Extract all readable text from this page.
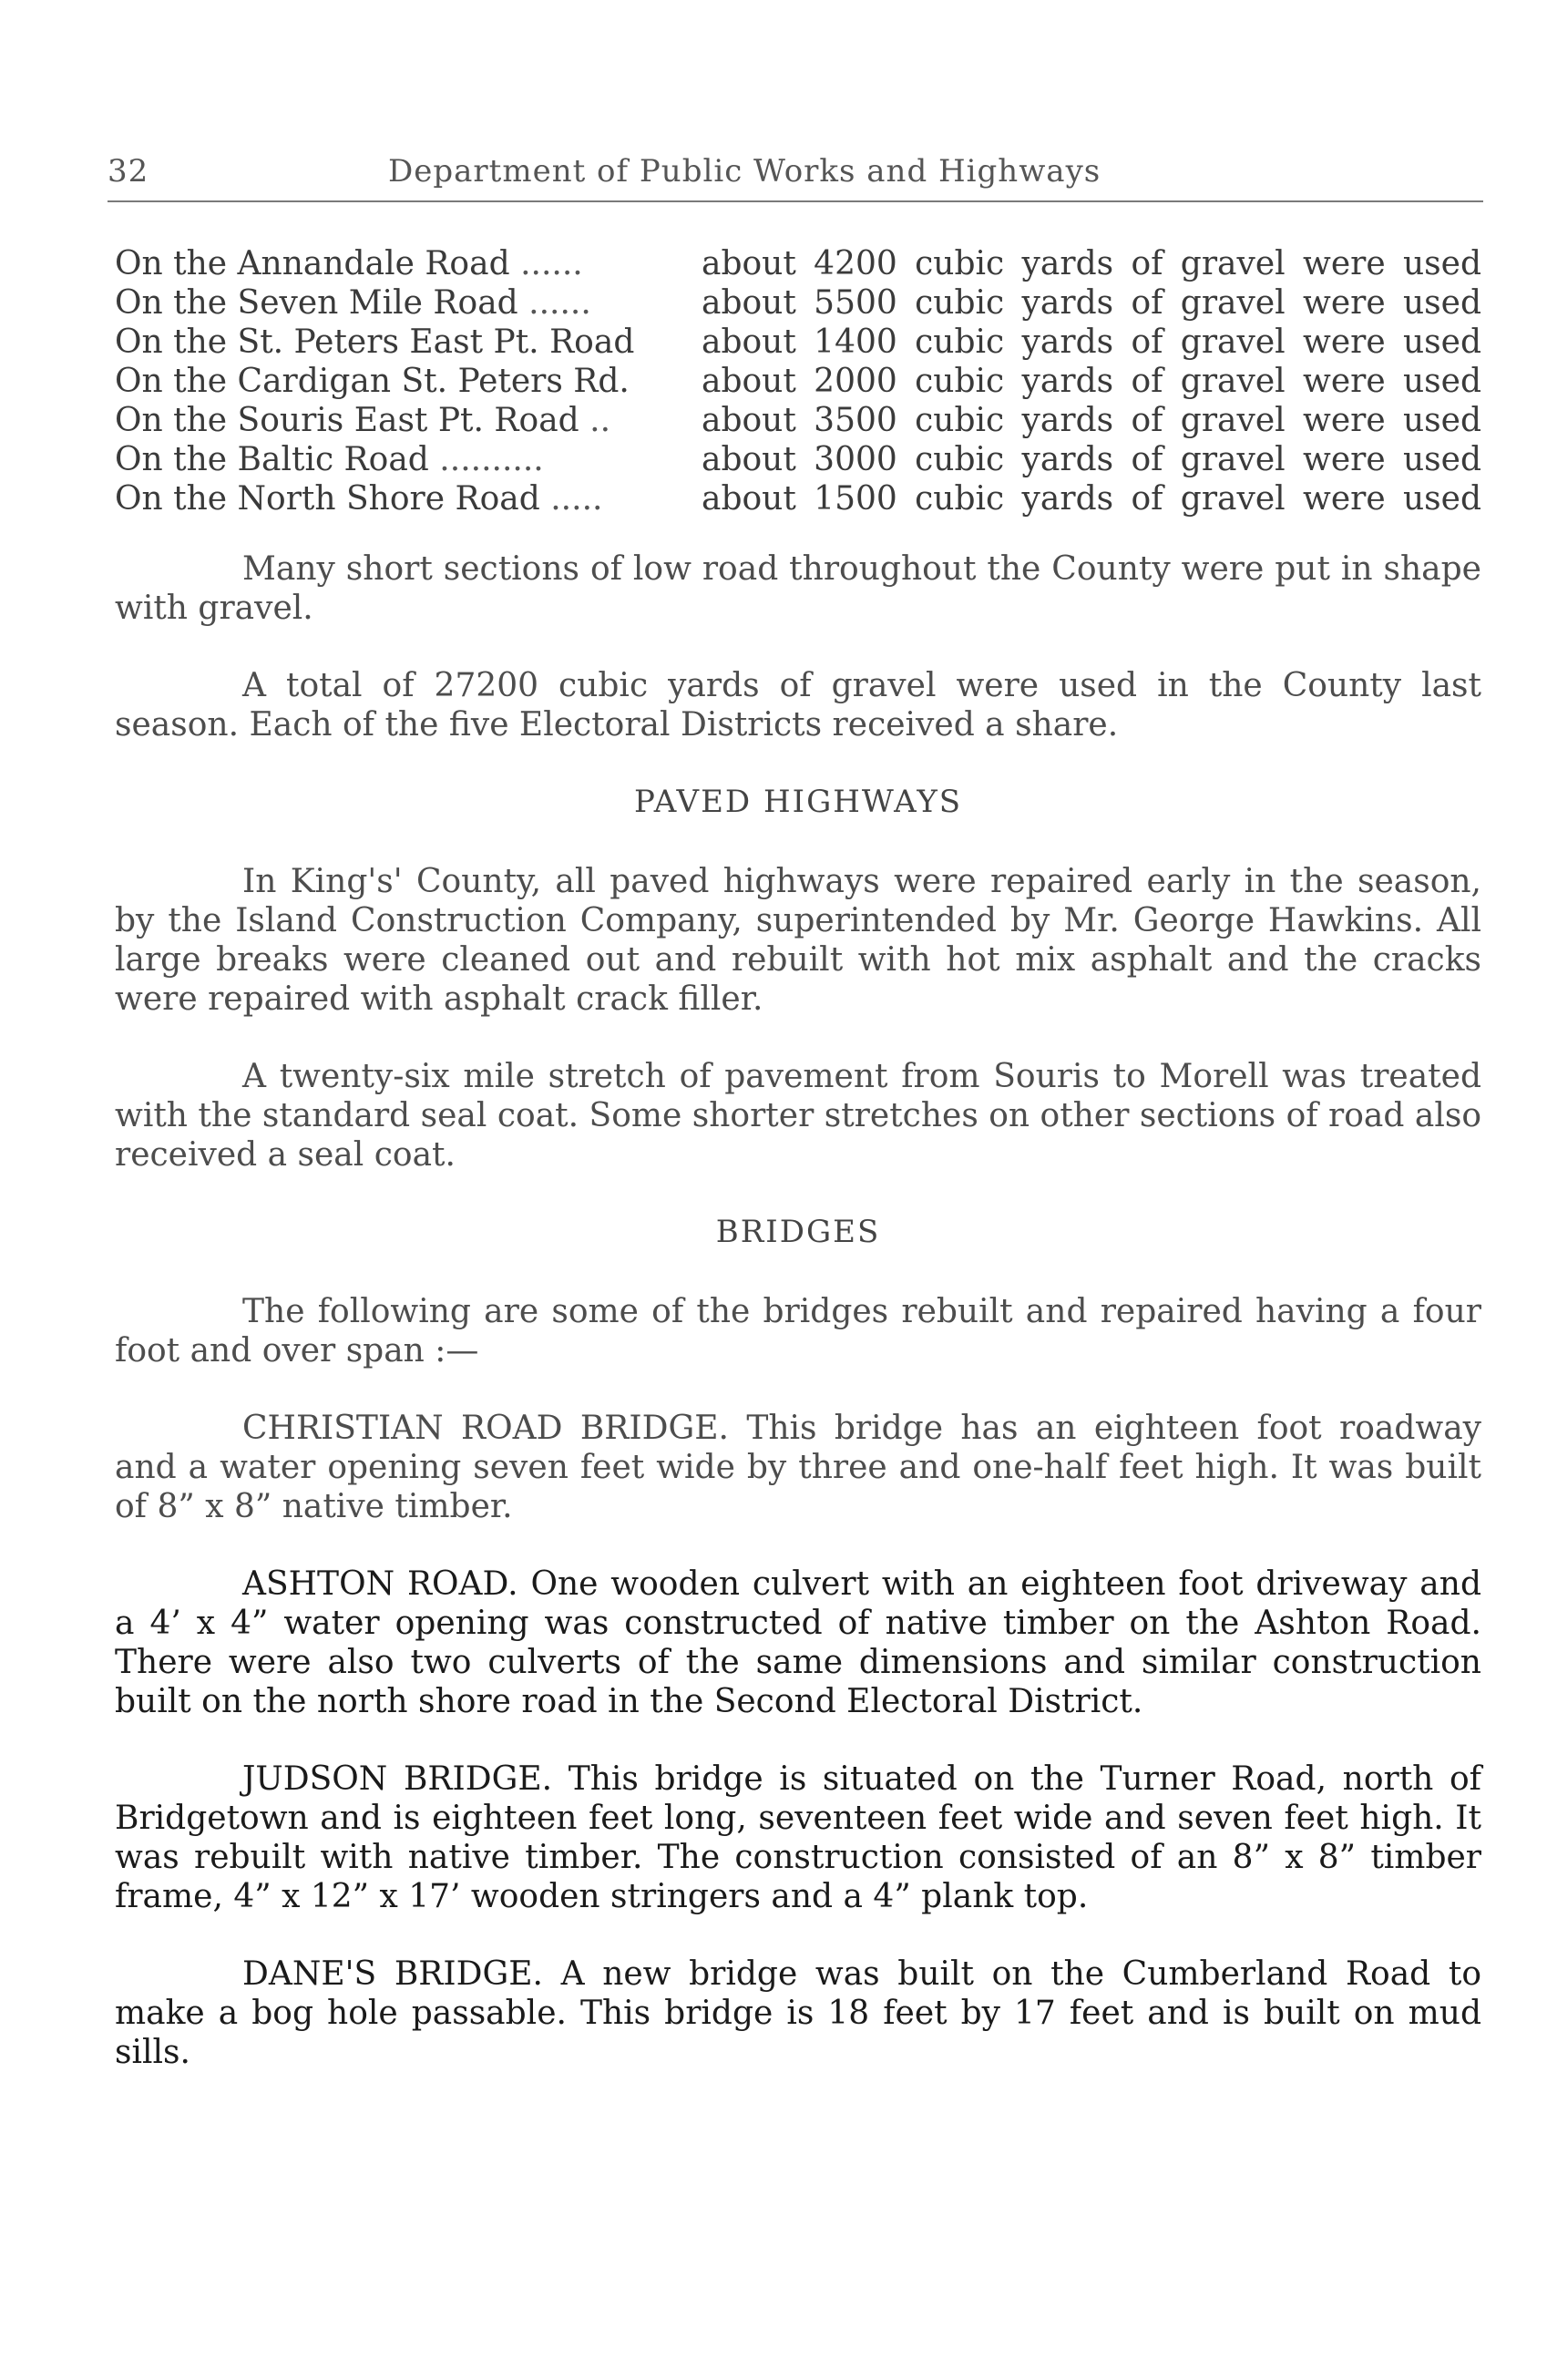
32	Department of Public Works and Highways
On the Annandale Road ......	about 4200 cubic yards of gravel were used
On the Seven Mile Road ......	about 5500 cubic yards of gravel were used
On the St. Peters East Pt. Road	about 1400 cubic yards of gravel were used
On the Cardigan St. Peters Rd.	about 2000 cubic yards of gravel were used
On the Souris East Pt. Road ..	about 3500 cubic yards of gravel were used
On the Baltic Road ..........	about 3000 cubic yards of gravel were used
On the North Shore Road .....	about 1500 cubic yards of gravel were used

Many short sections of low road throughout the County were put in shape with gravel.

A total of 27200 cubic yards of gravel were used in the County last season. Each of the five Electoral Districts received a share.

PAVED HIGHWAYS

In King's' County, all paved highways were repaired early in the season, by the Island Construction Company, superintended by Mr. George Hawkins. All large breaks were cleaned out and rebuilt with hot mix asphalt and the cracks were repaired with asphalt crack filler.

A twenty-six mile stretch of pavement from Souris to Morell was treated with the standard seal coat. Some shorter stretches on other sections of road also received a seal coat.

BRIDGES

The following are some of the bridges rebuilt and repaired having a four foot and over span :—

CHRISTIAN ROAD BRIDGE. This bridge has an eighteen foot roadway and a water opening seven feet wide by three and one-half feet high. It was built of 8” x 8” native timber.

ASHTON ROAD. One wooden culvert with an eighteen foot driveway and a 4’ x 4” water opening was constructed of native timber on the Ashton Road. There were also two culverts of the same dimensions and similar construction built on the north shore road in the Second Electoral District.

JUDSON BRIDGE. This bridge is situated on the Turner Road, north of Bridgetown and is eighteen feet long, seventeen feet wide and seven feet high. It was rebuilt with native timber. The construction consisted of an 8” x 8” timber frame, 4” x 12” x 17’ wooden stringers and a 4” plank top.

DANE'S BRIDGE. A new bridge was built on the Cumberland Road to make a bog hole passable. This bridge is 18 feet by 17 feet and is built on mud sills.
